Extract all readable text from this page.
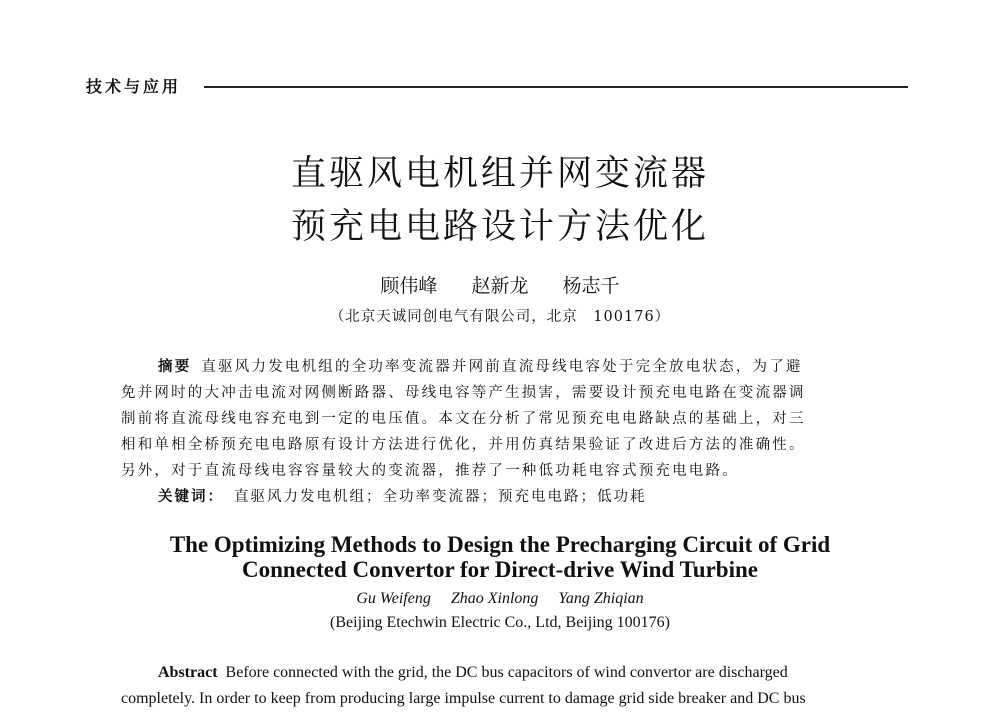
技术与应用
直驱风电机组并网变流器
预充电电路设计方法优化
顾伟峰 赵新龙 杨志千
（北京天诚同创电气有限公司，北京　100176）
摘要 直驱风力发电机组的全功率变流器并网前直流母线电容处于完全放电状态，为了避
免并网时的大冲击电流对网侧断路器、母线电容等产生损害，需要设计预充电电路在变流器调
制前将直流母线电容充电到一定的电压值。本文在分析了常见预充电电路缺点的基础上，对三
相和单相全桥预充电电路原有设计方法进行优化，并用仿真结果验证了改进后方法的准确性。
另外，对于直流母线电容容量较大的变流器，推荐了一种低功耗电容式预充电电路。
关键词： 直驱风力发电机组；全功率变流器；预充电电路；低功耗
The Optimizing Methods to Design the Precharging Circuit of Grid
Connected Convertor for Direct-drive Wind Turbine
Gu Weifeng Zhao Xinlong Yang Zhiqian
(Beijing Etechwin Electric Co., Ltd, Beijing 100176)
Abstract Before connected with the grid, the DC bus capacitors of wind convertor are discharged
completely. In order to keep from producing large impulse current to damage grid side breaker and DC bus
